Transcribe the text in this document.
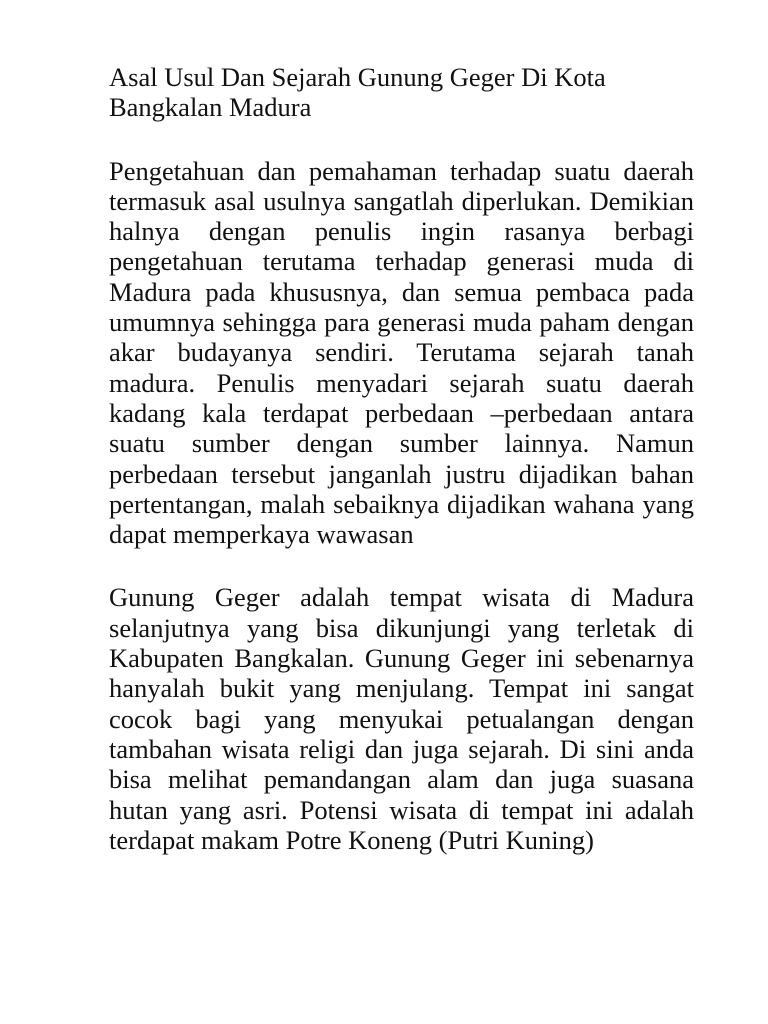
Asal Usul Dan Sejarah Gunung Geger Di Kota Bangkalan Madura

Pengetahuan dan pemahaman terhadap suatu daerah termasuk asal usulnya sangatlah diperlukan. Demikian halnya dengan penulis ingin rasanya berbagi pengetahuan terutama terhadap generasi muda di Madura pada khususnya, dan semua pembaca pada umumnya sehingga para generasi muda paham dengan akar budayanya sendiri. Terutama sejarah tanah madura. Penulis menyadari sejarah suatu daerah kadang kala terdapat perbedaan –perbedaan antara suatu sumber dengan sumber lainnya. Namun perbedaan tersebut janganlah justru dijadikan bahan pertentangan, malah sebaiknya dijadikan wahana yang dapat memperkaya wawasan

Gunung Geger adalah tempat wisata di Madura selanjutnya yang bisa dikunjungi yang terletak di Kabupaten Bangkalan. Gunung Geger ini sebenarnya hanyalah bukit yang menjulang. Tempat ini sangat cocok bagi yang menyukai petualangan dengan tambahan wisata religi dan juga sejarah. Di sini anda bisa melihat pemandangan alam dan juga suasana hutan yang asri. Potensi wisata di tempat ini adalah terdapat makam Potre Koneng (Putri Kuning)
